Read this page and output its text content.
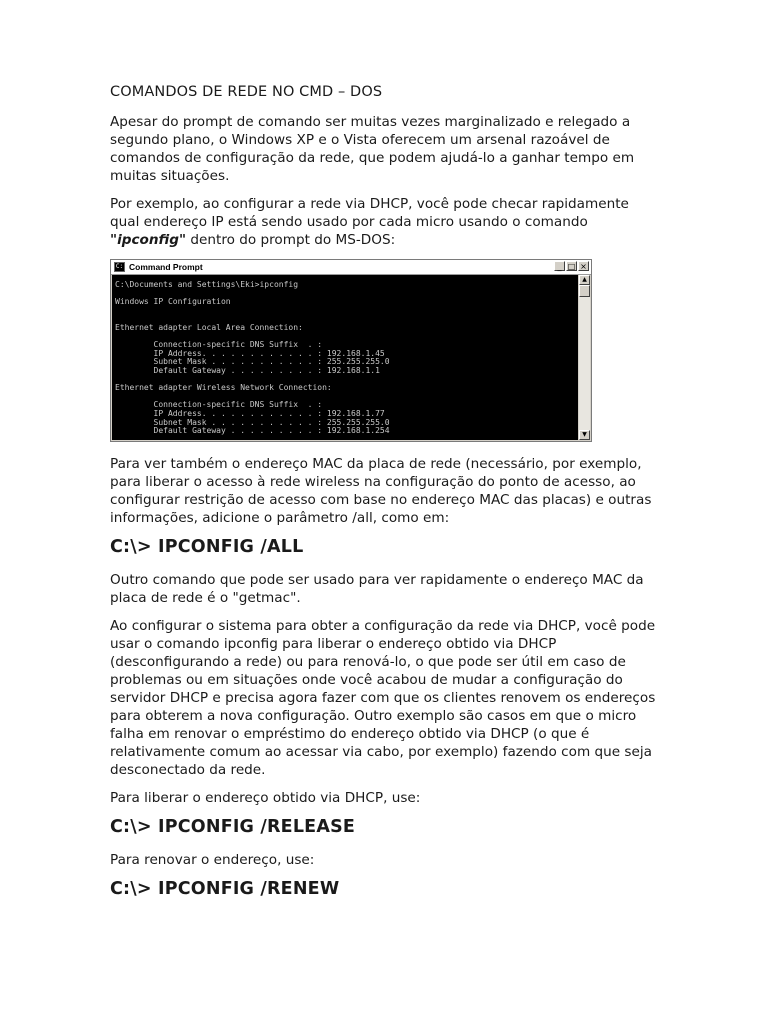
COMANDOS DE REDE NO CMD – DOS

Apesar do prompt de comando ser muitas vezes marginalizado e relegado a segundo plano, o Windows XP e o Vista oferecem um arsenal razoável de comandos de configuração da rede, que podem ajudá-lo a ganhar tempo em muitas situações.

Por exemplo, ao configurar a rede via DHCP, você pode checar rapidamente qual endereço IP está sendo usado por cada micro usando o comando "ipconfig" dentro do prompt do MS-DOS:

C: Command Prompt	_ □ ×
C:\Documents and Settings\Eki>ipconfig

Windows IP Configuration

Ethernet adapter Local Area Connection:

Connection-specific DNS Suffix  . :
IP Address. . . . . . . . . . . . : 192.168.1.45
Subnet Mask . . . . . . . . . . . : 255.255.255.0
Default Gateway . . . . . . . . . : 192.168.1.1

Ethernet adapter Wireless Network Connection:

Connection-specific DNS Suffix  . :
IP Address. . . . . . . . . . . . : 192.168.1.77
Subnet Mask . . . . . . . . . . . : 255.255.255.0
Default Gateway . . . . . . . . . : 192.168.1.254
▲
▼

Para ver também o endereço MAC da placa de rede (necessário, por exemplo, para liberar o acesso à rede wireless na configuração do ponto de acesso, ao configurar restrição de acesso com base no endereço MAC das placas) e outras informações, adicione o parâmetro /all, como em:

C:\> IPCONFIG /ALL

Outro comando que pode ser usado para ver rapidamente o endereço MAC da placa de rede é o "getmac".

Ao configurar o sistema para obter a configuração da rede via DHCP, você pode usar o comando ipconfig para liberar o endereço obtido via DHCP (desconfigurando a rede) ou para renová-lo, o que pode ser útil em caso de problemas ou em situações onde você acabou de mudar a configuração do servidor DHCP e precisa agora fazer com que os clientes renovem os endereços para obterem a nova configuração. Outro exemplo são casos em que o micro falha em renovar o empréstimo do endereço obtido via DHCP (o que é relativamente comum ao acessar via cabo, por exemplo) fazendo com que seja desconectado da rede.

Para liberar o endereço obtido via DHCP, use:

C:\> IPCONFIG /RELEASE

Para renovar o endereço, use:

C:\> IPCONFIG /RENEW
